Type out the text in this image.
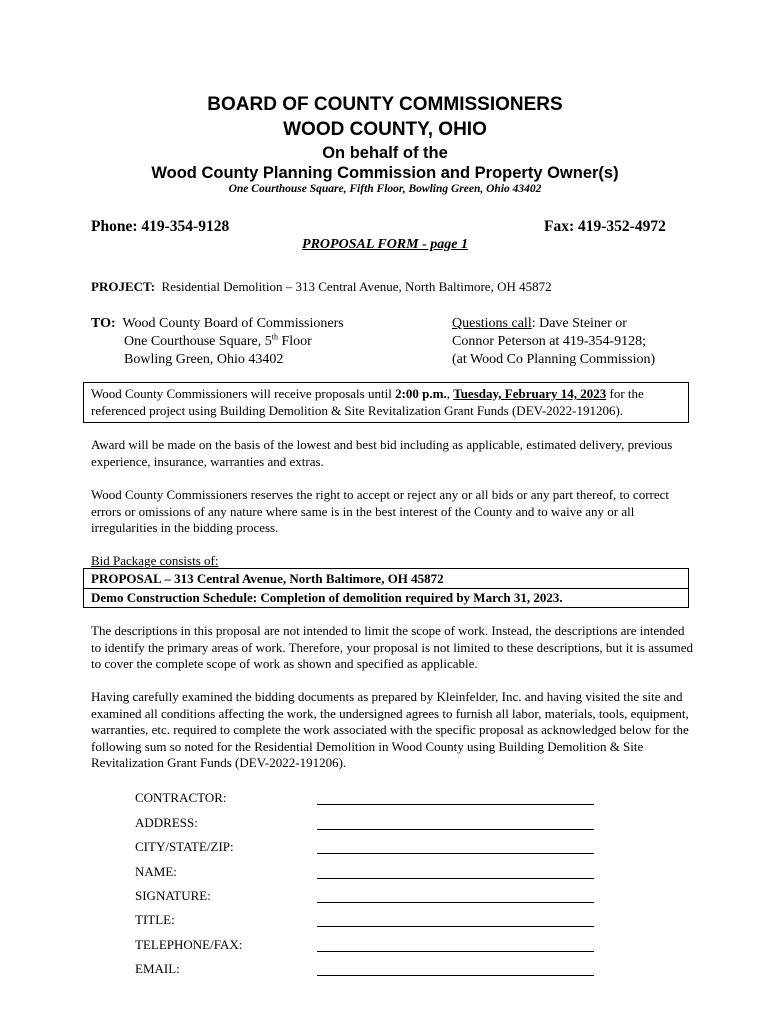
BOARD OF COUNTY COMMISSIONERS
WOOD COUNTY, OHIO
On behalf of the
Wood County Planning Commission and Property Owner(s)
One Courthouse Square, Fifth Floor, Bowling Green, Ohio 43402
Phone: 419-354-9128	Fax: 419-352-4972
PROPOSAL FORM - page 1
PROJECT: Residential Demolition – 313 Central Avenue, North Baltimore, OH 45872
TO: Wood County Board of Commissioners
One Courthouse Square, 5th Floor
Bowling Green, Ohio 43402
Questions call: Dave Steiner or
Connor Peterson at 419-354-9128;
(at Wood Co Planning Commission)
Wood County Commissioners will receive proposals until 2:00 p.m., Tuesday, February 14, 2023 for the
referenced project using Building Demolition & Site Revitalization Grant Funds (DEV-2022-191206).
Award will be made on the basis of the lowest and best bid including as applicable, estimated delivery, previous experience, insurance, warranties and extras.
Wood County Commissioners reserves the right to accept or reject any or all bids or any part thereof, to correct errors or omissions of any nature where same is in the best interest of the County and to waive any or all irregularities in the bidding process.
Bid Package consists of:
PROPOSAL – 313 Central Avenue, North Baltimore, OH 45872
Demo Construction Schedule: Completion of demolition required by March 31, 2023.
The descriptions in this proposal are not intended to limit the scope of work. Instead, the descriptions are intended to identify the primary areas of work. Therefore, your proposal is not limited to these descriptions, but it is assumed to cover the complete scope of work as shown and specified as applicable.
Having carefully examined the bidding documents as prepared by Kleinfelder, Inc. and having visited the site and examined all conditions affecting the work, the undersigned agrees to furnish all labor, materials, tools, equipment, warranties, etc. required to complete the work associated with the specific proposal as acknowledged below for the following sum so noted for the Residential Demolition in Wood County using Building Demolition & Site Revitalization Grant Funds (DEV-2022-191206).
CONTRACTOR:
ADDRESS:
CITY/STATE/ZIP:
NAME:
SIGNATURE:
TITLE:
TELEPHONE/FAX:
EMAIL:
